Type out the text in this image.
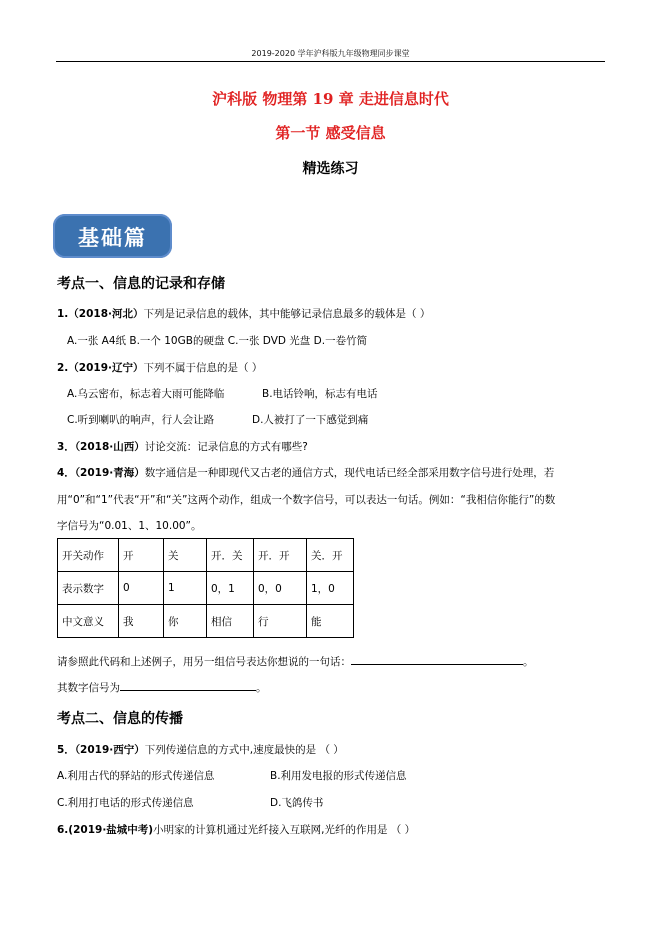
2019-2020 学年沪科版九年级物理同步课堂
沪科版 物理第 19 章 走进信息时代
第一节 感受信息
精选练习
基础篇
考点一、信息的记录和存储
1.（2018·河北）下列是记录信息的载体，其中能够记录信息最多的载体是（ ）
A.一张 A4纸 B.一个 10GB的硬盘 C.一张 DVD 光盘 D.一卷竹简
2.（2019·辽宁）下列不属于信息的是（ ）
A.乌云密布，标志着大雨可能降临	B.电话铃响，标志有电话
C.听到喇叭的响声，行人会让路	D.人被打了一下感觉到痛
3．（2018·山西）讨论交流：记录信息的方式有哪些?
4．（2019·青海）数字通信是一种即现代又古老的通信方式，现代电话已经全部采用数字信号进行处理，若
用“0”和“1”代表“开”和“关”这两个动作，组成一个数字信号，可以表达一句话。例如：“我相信你能行”的数
字信号为“0.01、1、10.00”。
开关动作	开	关	开．关	开．开	关．开
表示数字	0	1	0，1	0，0	1，0
中文意义	我	你	相信	行	能
请参照此代码和上述例子，用另一组信号表达你想说的一句话：	。
其数字信号为	。
考点二、信息的传播
5．（2019·西宁）下列传递信息的方式中,速度最快的是 （ ）
A.利用古代的驿站的形式传递信息	B.利用发电报的形式传递信息
C.利用打电话的形式传递信息	D.飞鸽传书
6.(2019·盐城中考)小明家的计算机通过光纤接入互联网,光纤的作用是 （ ）
